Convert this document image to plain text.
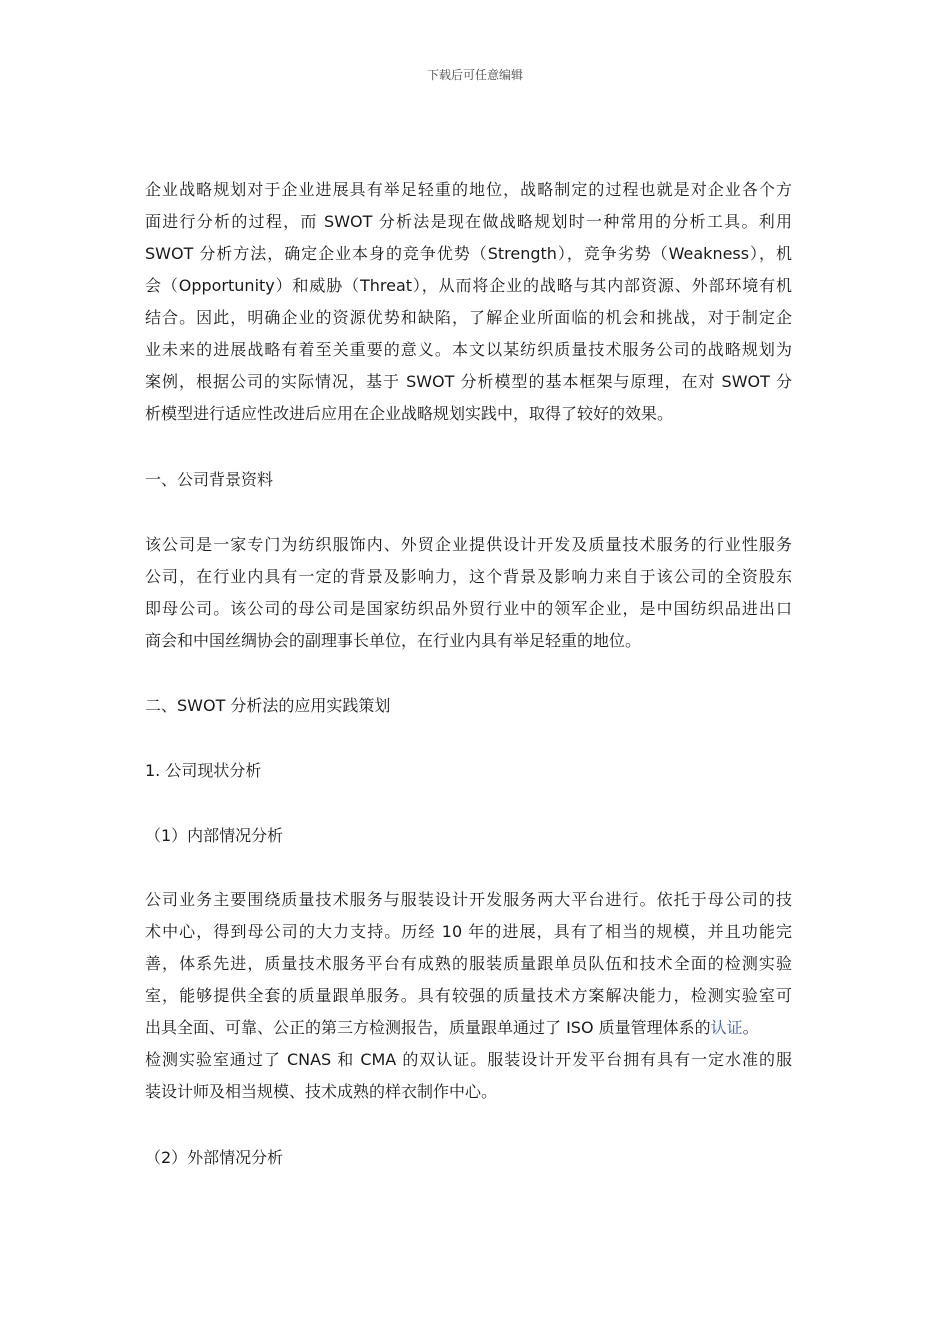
下载后可任意编辑
企业战略规划对于企业进展具有举足轻重的地位，战略制定的过程也就是对企业各个方
面进行分析的过程，而 SWOT 分析法是现在做战略规划时一种常用的分析工具。利用
SWOT 分析方法，确定企业本身的竞争优势（Strength），竞争劣势（Weakness），机
会（Opportunity）和威胁（Threat），从而将企业的战略与其内部资源、外部环境有机
结合。因此，明确企业的资源优势和缺陷，了解企业所面临的机会和挑战，对于制定企
业未来的进展战略有着至关重要的意义。本文以某纺织质量技术服务公司的战略规划为
案例，根据公司的实际情况，基于 SWOT 分析模型的基本框架与原理，在对 SWOT 分
析模型进行适应性改进后应用在企业战略规划实践中，取得了较好的效果。
一、公司背景资料
该公司是一家专门为纺织服饰内、外贸企业提供设计开发及质量技术服务的行业性服务
公司，在行业内具有一定的背景及影响力，这个背景及影响力来自于该公司的全资股东
即母公司。该公司的母公司是国家纺织品外贸行业中的领军企业，是中国纺织品进出口
商会和中国丝绸协会的副理事长单位，在行业内具有举足轻重的地位。
二、SWOT 分析法的应用实践策划
1. 公司现状分析
（1）内部情况分析
公司业务主要围绕质量技术服务与服装设计开发服务两大平台进行。依托于母公司的技
术中心，得到母公司的大力支持。历经 10 年的进展，具有了相当的规模，并且功能完
善，体系先进，质量技术服务平台有成熟的服装质量跟单员队伍和技术全面的检测实验
室，能够提供全套的质量跟单服务。具有较强的质量技术方案解决能力，检测实验室可
出具全面、可靠、公正的第三方检测报告，质量跟单通过了 ISO 质量管理体系的认证。
检测实验室通过了 CNAS 和 CMA 的双认证。服装设计开发平台拥有具有一定水准的服
装设计师及相当规模、技术成熟的样衣制作中心。
（2）外部情况分析
